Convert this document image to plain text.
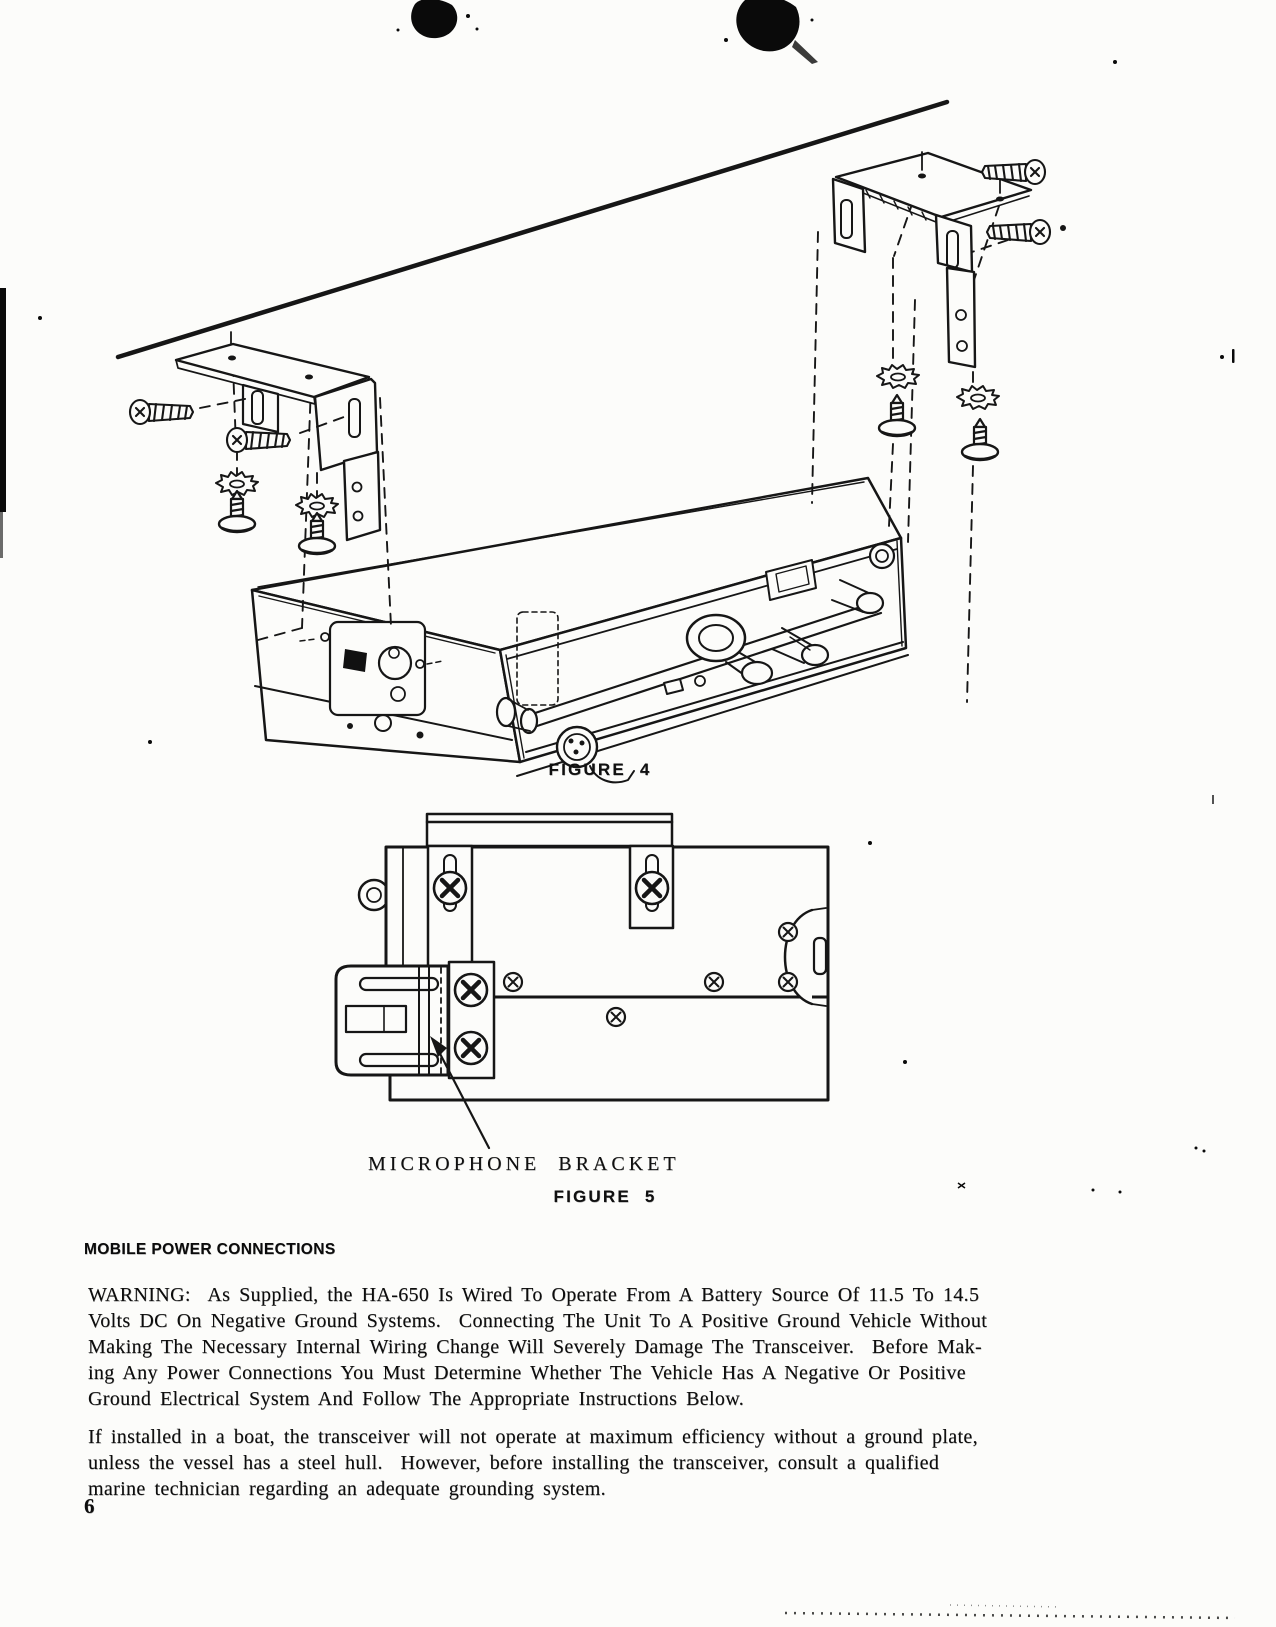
FIGURE 4
MICROPHONE BRACKET
FIGURE 5
MOBILE POWER CONNECTIONS
WARNING:  As Supplied, the HA-650 Is Wired To Operate From A Battery Source Of 11.5 To 14.5
Volts DC On Negative Ground Systems.  Connecting The Unit To A Positive Ground Vehicle Without
Making The Necessary Internal Wiring Change Will Severely Damage The Transceiver.  Before Mak-
ing Any Power Connections You Must Determine Whether The Vehicle Has A Negative Or Positive
Ground Electrical System And Follow The Appropriate Instructions Below.
If installed in a boat, the transceiver will not operate at maximum efficiency without a ground plate,
unless the vessel has a steel hull.  However, before installing the transceiver, consult a qualified
marine technician regarding an adequate grounding system.
6
